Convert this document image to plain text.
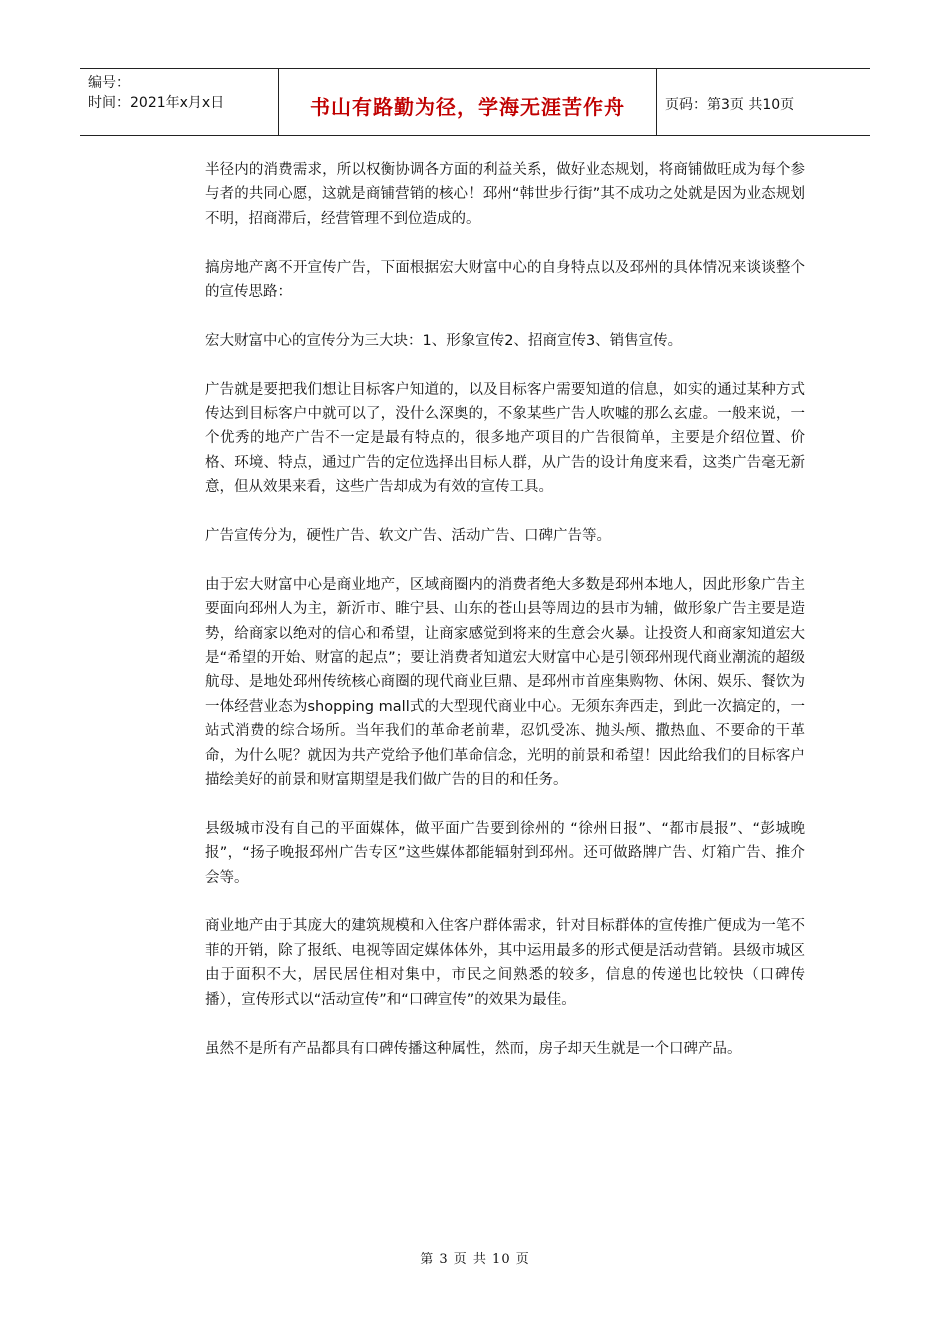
编号：
时间：2021年x月x日	书山有路勤为径，学海无涯苦作舟	页码：第3页 共10页

半径内的消费需求，所以权衡协调各方面的利益关系，做好业态规划，将商铺做旺成为每个参与者的共同心愿，这就是商铺营销的核心！邳州“韩世步行街”其不成功之处就是因为业态规划不明，招商滞后，经营管理不到位造成的。

搞房地产离不开宣传广告，下面根据宏大财富中心的自身特点以及邳州的具体情况来谈谈整个的宣传思路：

宏大财富中心的宣传分为三大块：1、形象宣传2、招商宣传3、销售宣传。

广告就是要把我们想让目标客户知道的，以及目标客户需要知道的信息，如实的通过某种方式传达到目标客户中就可以了，没什么深奥的，不象某些广告人吹嘘的那么玄虚。一般来说，一个优秀的地产广告不一定是最有特点的，很多地产项目的广告很简单，主要是介绍位置、价格、环境、特点，通过广告的定位选择出目标人群，从广告的设计角度来看，这类广告毫无新意，但从效果来看，这些广告却成为有效的宣传工具。

广告宣传分为，硬性广告、软文广告、活动广告、口碑广告等。

由于宏大财富中心是商业地产，区域商圈内的消费者绝大多数是邳州本地人，因此形象广告主要面向邳州人为主，新沂市、睢宁县、山东的苍山县等周边的县市为辅，做形象广告主要是造势，给商家以绝对的信心和希望，让商家感觉到将来的生意会火暴。让投资人和商家知道宏大是“希望的开始、财富的起点”；要让消费者知道宏大财富中心是引领邳州现代商业潮流的超级航母、是地处邳州传统核心商圈的现代商业巨鼎、是邳州市首座集购物、休闲、娱乐、餐饮为一体经营业态为shopping mall式的大型现代商业中心。无须东奔西走，到此一次搞定的，一站式消费的综合场所。当年我们的革命老前辈，忍饥受冻、抛头颅、撒热血、不要命的干革命，为什么呢？就因为共产党给予他们革命信念，光明的前景和希望！因此给我们的目标客户描绘美好的前景和财富期望是我们做广告的目的和任务。

县级城市没有自己的平面媒体，做平面广告要到徐州的 “徐州日报”、“都市晨报”、“彭城晚报”，“扬子晚报邳州广告专区”这些媒体都能辐射到邳州。还可做路牌广告、灯箱广告、推介会等。

商业地产由于其庞大的建筑规模和入住客户群体需求，针对目标群体的宣传推广便成为一笔不菲的开销，除了报纸、电视等固定媒体体外，其中运用最多的形式便是活动营销。县级市城区由于面积不大，居民居住相对集中，市民之间熟悉的较多，信息的传递也比较快（口碑传播），宣传形式以“活动宣传”和“口碑宣传”的效果为最佳。

虽然不是所有产品都具有口碑传播这种属性，然而，房子却天生就是一个口碑产品。

第 3 页 共 10 页
